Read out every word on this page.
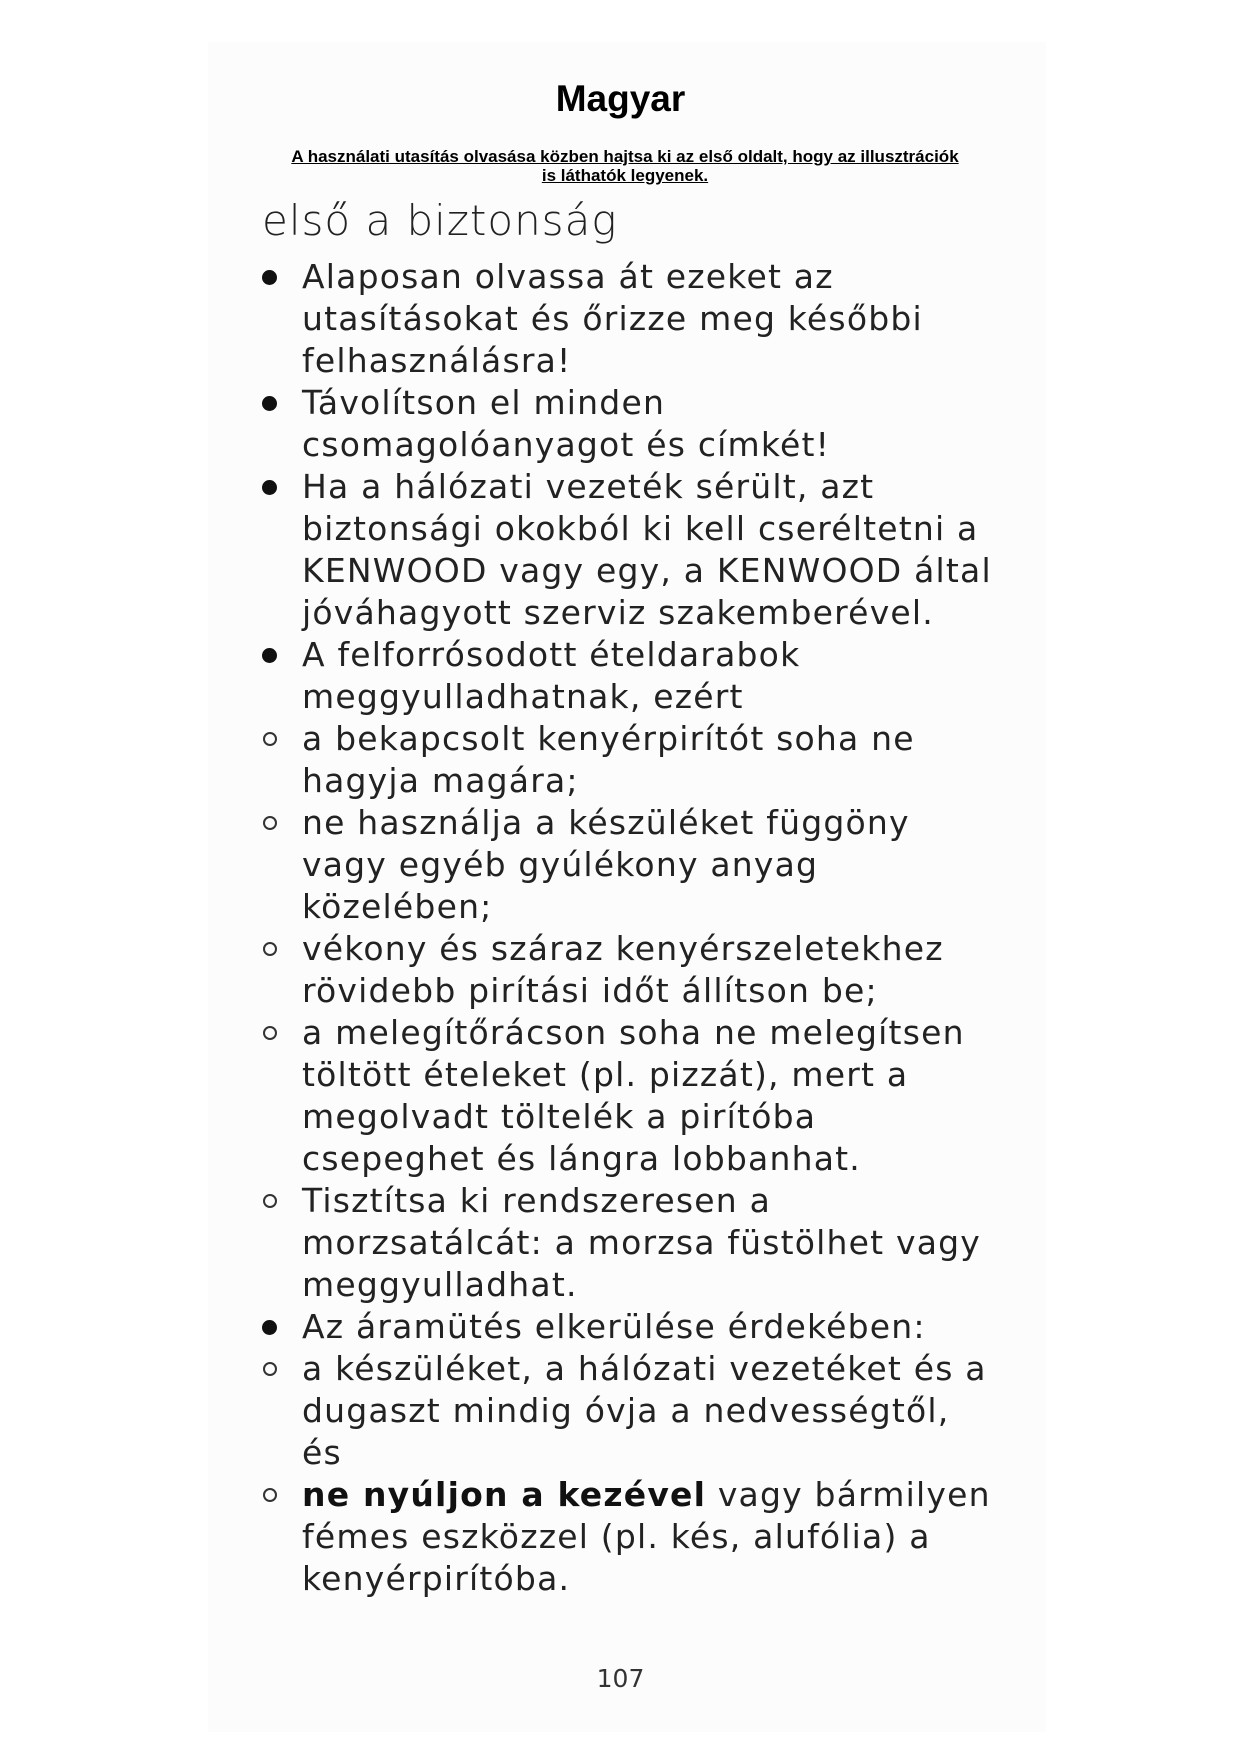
Magyar
A használati utasítás olvasása közben hajtsa ki az első oldalt, hogy az illusztrációk is láthatók legyenek.
első a biztonság
Alaposan olvassa át ezeket az utasításokat és őrizze meg későbbi felhasználásra!
Távolítson el minden csomagolóanyagot és címkét!
Ha a hálózati vezeték sérült, azt biztonsági okokból ki kell cseréltetni a KENWOOD vagy egy, a KENWOOD által jóváhagyott szerviz szakemberével.
A felforrósodott ételdarabok meggyulladhatnak, ezért
a bekapcsolt kenyérpirítót soha ne hagyja magára;
ne használja a készüléket függöny vagy egyéb gyúlékony anyag közelében;
vékony és száraz kenyérszeletekhez rövidebb pirítási időt állítson be;
a melegítőrácson soha ne melegítsen töltött ételeket (pl. pizzát), mert a megolvadt töltelék a pirítóba csepeghet és lángra lobbanhat.
Tisztítsa ki rendszeresen a morzsatálcát: a morzsa füstölhet vagy meggyulladhat.
Az áramütés elkerülése érdekében:
a készüléket, a hálózati vezetéket és a dugaszt mindig óvja a nedvességtől, és
ne nyúljon a kezével vagy bármilyen fémes eszközzel (pl. kés, alufólia) a kenyérpirítóba.
107
